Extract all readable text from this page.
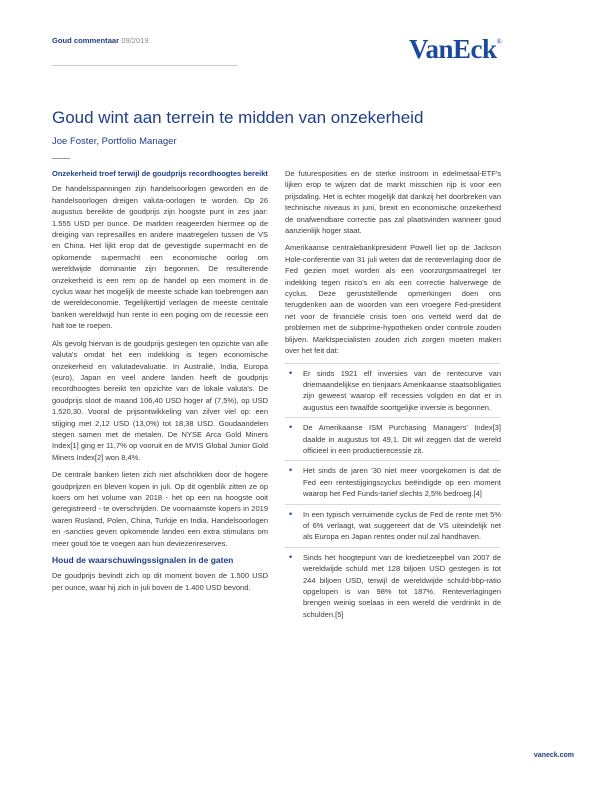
Goud commentaar 09/2019	VanEck®
Goud wint aan terrein te midden van onzekerheid
Joe Foster, Portfolio Manager
Onzekerheid troef terwijl de goudprijs recordhoogtes bereikt

De handelsspanningen zijn handelsoorlogen geworden en de handelsoorlogen dreigen valuta-oorlogen te worden. Op 26 augustus bereikte de goudprijs zijn hoogste punt in zes jaar: 1.555 USD per ounce. De markten reageerden hiermee op de dreiging van represailles en andere maatregelen tussen de VS en China. Het lijkt erop dat de gevestigde supermacht en de opkomende supermacht een economische oorlog om wereldwijde dominantie zijn begonnen. De resulterende onzekerheid is een rem op de handel op een moment in de cyclus waar het mogelijk de meeste schade kan toebrengen aan de wereldeconomie. Tegelijkertijd verlagen de meeste centrale banken wereldwijd hun rente in een poging om de recessie een halt toe te roepen.

Als gevolg hiervan is de goudprijs gestegen ten opzichte van alle valuta's omdat het een indekking is tegen economische onzekerheid en valutadevaluatie. In Australië, India, Europa (euro), Japan en veel andere landen heeft de goudprijs recordhoogtes bereikt ten opzichte van de lokale valuta's. De goudprijs sloot de maand 106,40 USD hoger af (7,5%), op USD 1.520,30. Vooral de prijsontwikkeling van zilver viel op: een stijging met 2,12 USD (13,0%) tot 18,38 USD. Goudaandelen stegen samen met de metalen. De NYSE Arca Gold Miners Index[1] ging er 11,7% op vooruit en de MVIS Global Junior Gold Miners Index[2] won 8,4%.

De centrale banken lieten zich niet afschrikken door de hogere goudprijzen en bleven kopen in juli. Op dit ogenblik zitten ze op koers om het volume van 2018 - het op een na hoogste ooit geregistreerd - te overschrijden. De voornaamste kopers in 2019 waren Rusland, Polen, China, Turkije en India. Handelsoorlogen en -sancties geven opkomende landen een extra stimulans om meer goud toe te voegen aan hun deviezenreserves.

Houd de waarschuwingssignalen in de gaten

De goudprijs bevindt zich op dit moment boven de 1.500 USD per ounce, waar hij zich in juli boven de 1.400 USD bevond.

De futuresposities en de sterke instroom in edelmetaal-ETF's lijken erop te wijzen dat de markt misschien rijp is voor een prijsdaling. Het is echter mogelijk dat dankzij het doorbreken van technische niveaus in juni, brexit en economische onzekerheid de onafwendbare correctie pas zal plaatsvinden wanneer goud aanzienlijk hoger staat.

Amerikaanse centralebankpresident Powell liet op de Jackson Hole-conferentie van 31 juli weten dat de renteverlaging door de Fed gezien moet worden als een voorzorgsmaatregel ter indekking tegen risico's en als een correctie halverwege de cyclus. Deze geruststellende opmerkingen doen ons terugdenken aan de woorden van een vroegere Fed-president net voor de financiële crisis toen ons verteld werd dat de problemen met de subprime-hypotheken onder controle zouden blijven. Marktspecialisten zouden zich zorgen moeten maken over het feit dat:

• Er sinds 1921 elf inversies van de rentecurve van driemaandelijkse en tienjaars Amerikaanse staatsobligaties zijn geweest waarop elf recessies volgden en dat er in augustus een twaalfde soortgelijke inversie is begonnen.
• De Amerikaanse ISM Purchasing Managers' Index[3] daalde in augustus tot 49,1. Dit wil zeggen dat de wereld officieel in een productierecessie zit.
• Het sinds de jaren '30 niet meer voorgekomen is dat de Fed een rentestijgingscyclus beëindigde op een moment waarop het Fed Funds-tarief slechts 2,5% bedroeg.[4]
• In een typisch verruimende cyclus de Fed de rente met 5% of 6% verlaagt, wat suggereert dat de VS uiteindelijk net als Europa en Japan rentes onder nul zal handhaven.
• Sinds het hoogtepunt van de kredietzeepbel van 2007 de wereldwijde schuld met 128 biljoen USD gestegen is tot 244 biljoen USD, terwijl de wereldwijde schuld-bbp-ratio opgelopen is van 98% tot 187%. Renteverlagingen brengen weinig soelaas in een wereld die verdrinkt in de schulden.[5]
vaneck.com
